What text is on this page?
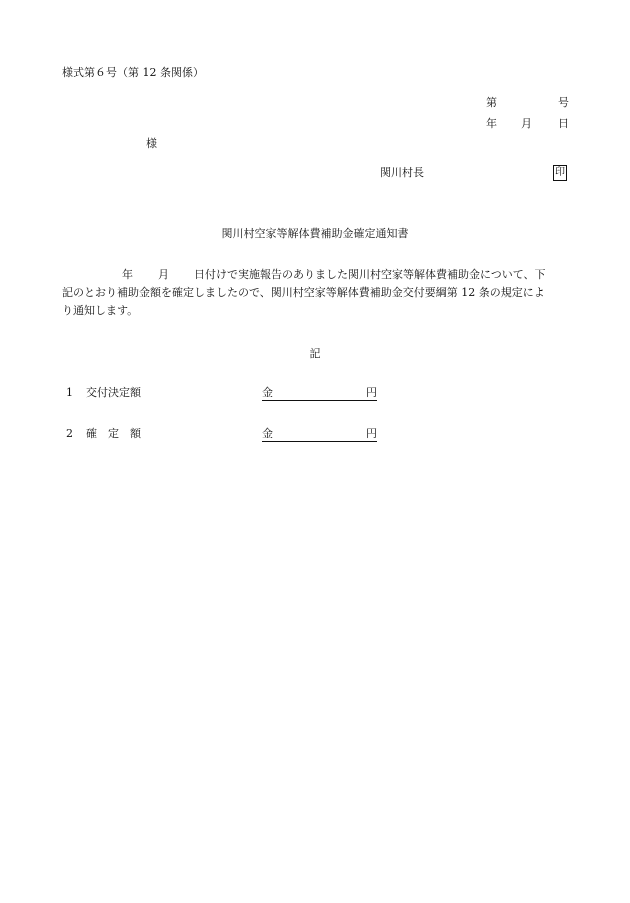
様式第６号（第 12 条関係）
第	号
年 月 日
様
関川村長	印
関川村空家等解体費補助金確定通知書
年 月 日付けで実施報告のありました関川村空家等解体費補助金について、下
記のとおり補助金額を確定しましたので、関川村空家等解体費補助金交付要綱第 12 条の規定によ
り通知します。
記
1 交付決定額	金	円
2 確 定 額	金	円
